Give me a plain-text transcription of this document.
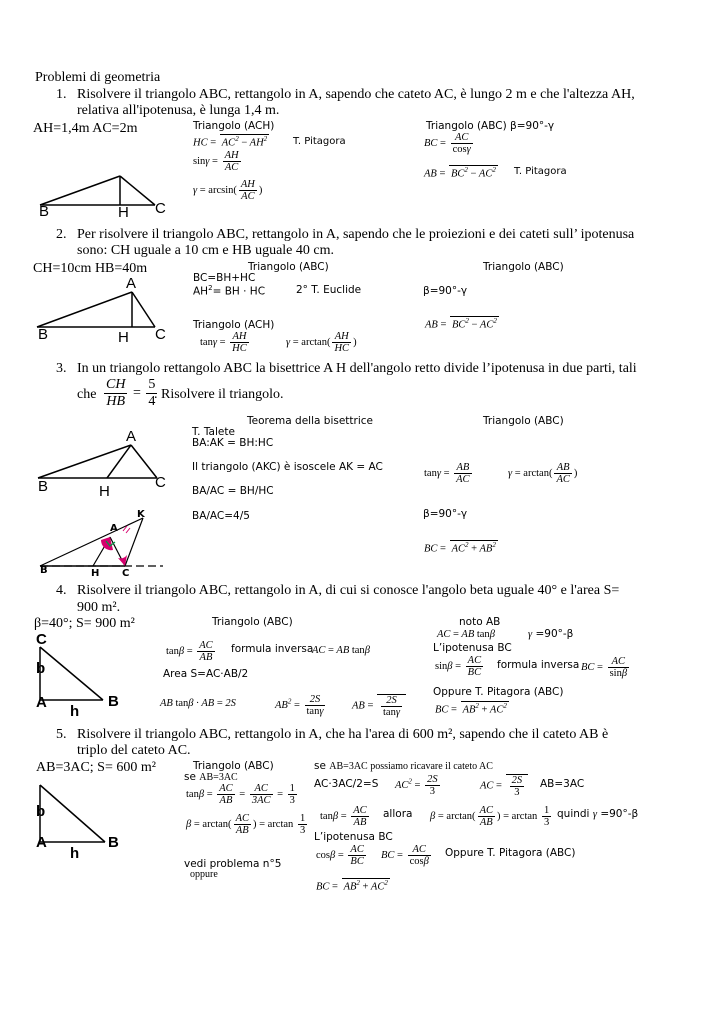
Problemi di geometria
1. Risolvere il triangolo ABC, rettangolo in A, sapendo che cateto AC, è lungo 2 m e che l'altezza AH,
relativa all'ipotenusa, è lunga 1,4 m.
AH=1,4m AC=2m
B	H C
Triangolo (ACH)
HC = $AC^2 - AH^2$	T. Pitagora
$\sin\gamma = \frac{AH}{AC}$
$\gamma = \arcsin( \frac{AH}{AC}$ )
Triangolo (ABC) β=90°-γ
BC = $\frac{AC}{\cos\gamma}$
AB = $BC^2 - AC^2$ T. Pitagora
2. Per risolvere il triangolo ABC, rettangolo in A, sapendo che le proiezioni e dei cateti sull’ ipotenusa
sono: CH uguale a 10 cm e HB uguale 40 cm.
CH=10cm HB=40m
A
B	H C
Triangolo (ABC)	Triangolo (ABC)
BC=BH+HC
$AH^2=$ BH · HC	2° T. Euclide	β=90°-γ
Triangolo (ACH)	AB = $BC^2 - AC^2$
$\tan\gamma = \frac{AH}{HC}$	$\gamma = \arctan( \frac{AH}{HC}$ )
3. In un triangolo rettangolo ABC la bisettrice A H dell'angolo retto divide l’ipotenusa in due parti, tali
che $\frac{CH}{HB} = \frac{5}{4}$
. Risolvere il triangolo.
Teorema della bisettrice	Triangolo (ABC)
T. Talete
BA:AK = BH:HC
Il triangolo (AKC) è isoscele AK = AC
BA/AC = BH/HC
BA/AC=4/5
$\tan\gamma = \frac{AB}{AC}$	$\gamma = \arctan( \frac{AB}{AC}$ )
β=90°-γ
BC = $AC^2 + AB^2$
A
B	H
C
A
K
B	H C
4. Risolvere il triangolo ABC, rettangolo in A, di cui si conosce l'angolo beta uguale 40° e l'area S=
900 m².
β=40°; S= 900 m²
C
b
A	B
h
Triangolo (ABC)
$\tan\beta = \frac{AC}{AB}$ formula inversa
AC = AB tanβ
Area S=AC·AB/2
AB tanβ · AB = 2S	$AB^2 = \frac{2S}{\tan\gamma}$	AB = $\frac{2S}{\tan\gamma}$
noto AB
AC = AB tanβ	γ =90°-β
L’ipotenusa BC
$\sin\beta = \frac{AC}{BC}$ formula inversa BC = $\frac{AC}{\sin\beta}$
Oppure T. Pitagora (ABC)
BC = $AB^2 + AC^2$
5. Risolvere il triangolo ABC, rettangolo in A, che ha l'area di 600 m², sapendo che il cateto AB è
triplo del cateto AC.
AB=3AC; S= 600 m²
b
A	B
h
Triangolo (ABC)
se AB=3AC
$\tan\beta = \frac{AC}{AB} = \frac{AC}{3AC} = \frac{1}{3}$
$\beta = \arctan( \frac{AC}{AB}$ ) = $\arctan \frac{1}{3}$
vedi problema n°5
oppure
se AB=3AC possiamo ricavare il cateto AC
AC·3AC/2=S $AC^2 = \frac{2S}{3}$	AC = $\frac{2S}{3} AB=3AC$
$\tan\beta = \frac{AC}{AB}$ allora $\beta = \arctan( \frac{AC}{AB}$ ) = $\arctan \frac{1}{3}$ quindi γ =90°-β
L’ipotenusa BC
$\cos\beta = \frac{AC}{BC}$ BC = $\frac{AC}{\cos\beta}$ Oppure T. Pitagora (ABC)
BC = $AB^2 + AC^2$
